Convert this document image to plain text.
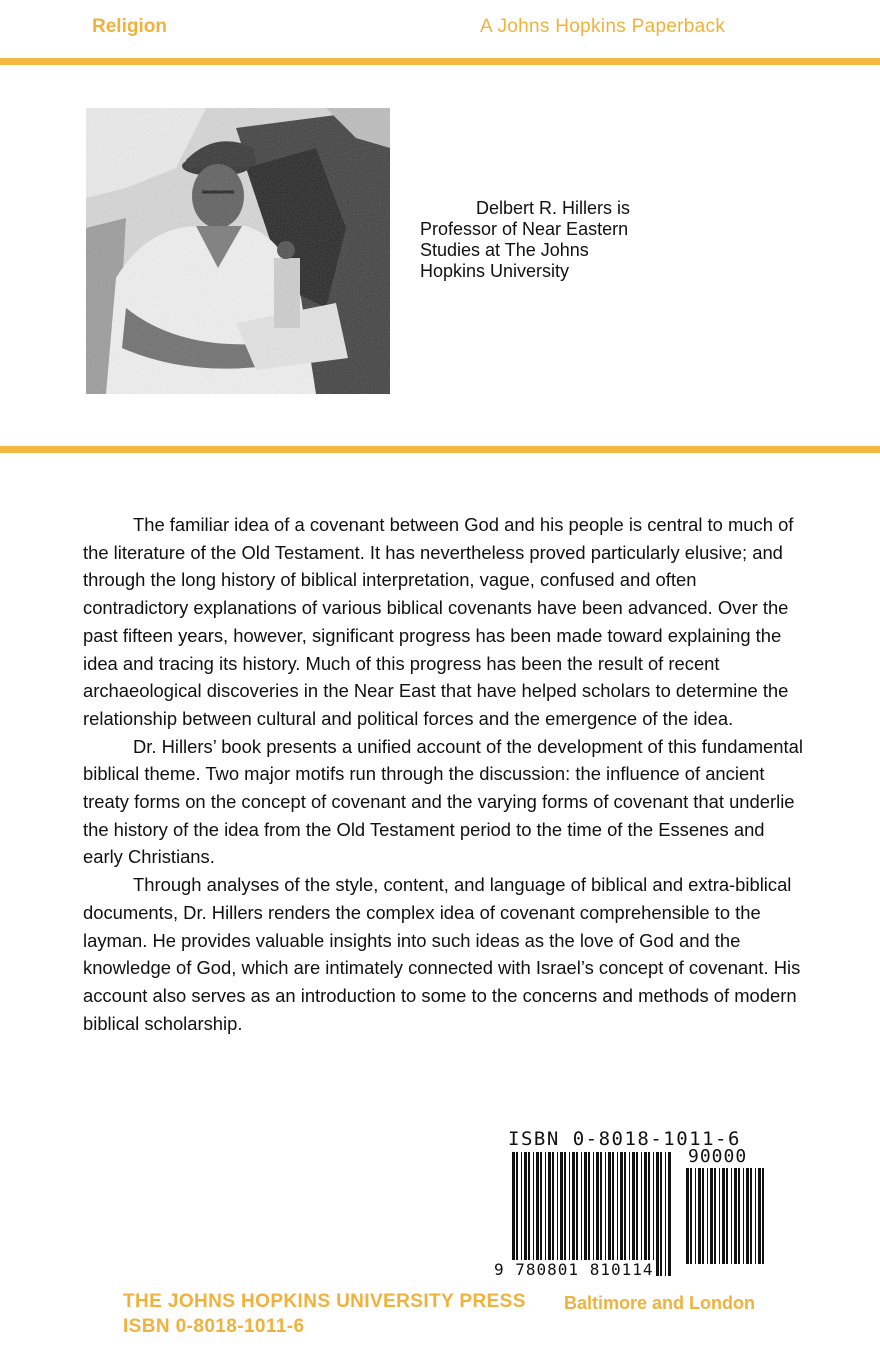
Religion	A Johns Hopkins Paperback
Delbert R. Hillers is
Professor of Near Eastern
Studies at The Johns
Hopkins University

The familiar idea of a covenant between God and his people is central to much of the literature of the Old Testament. It has nevertheless proved particularly elusive; and through the long history of biblical interpretation, vague, confused and often contradictory explanations of various biblical covenants have been advanced. Over the past fifteen years, however, significant progress has been made toward explaining the idea and tracing its history. Much of this progress has been the result of recent archaeological discoveries in the Near East that have helped scholars to determine the relationship between cultural and political forces and the emergence of the idea.

Dr. Hillers’ book presents a unified account of the development of this fundamental biblical theme. Two major motifs run through the discussion: the influence of ancient treaty forms on the concept of covenant and the varying forms of covenant that underlie the history of the idea from the Old Testament period to the time of the Essenes and early Christians.

Through analyses of the style, content, and language of biblical and extra-biblical documents, Dr. Hillers renders the complex idea of covenant comprehensible to the layman. He provides valuable insights into such ideas as the love of God and the knowledge of God, which are intimately connected with Israel’s concept of covenant. His account also serves as an introduction to some to the concerns and methods of modern biblical scholarship.

ISBN 0-8018-1011-6
90000
9 780801 810114
THE JOHNS HOPKINS UNIVERSITY PRESS Baltimore and London
ISBN 0-8018-1011-6
